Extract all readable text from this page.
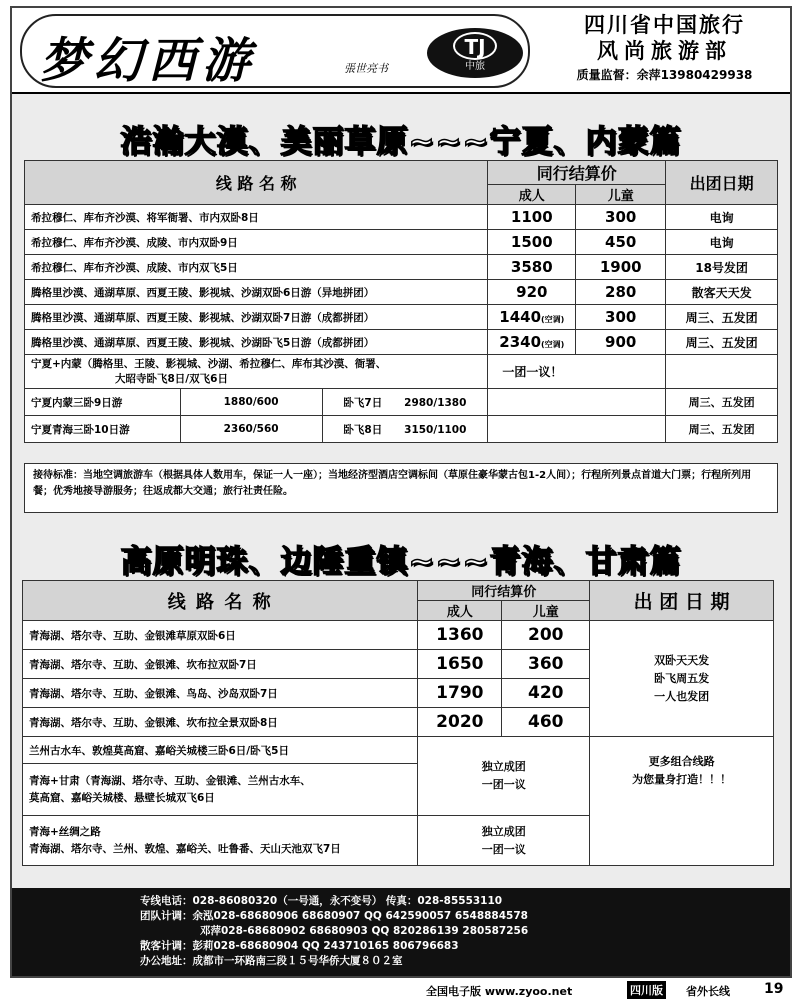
梦幻西游	張世亮书
TJ
中旅
四川省中国旅行
风尚旅游部
质量监督：余萍13980429938
浩瀚大漠、美丽草原~~~宁夏、内蒙篇
线 路 名 称			同行结算价		出团日期
			成人	儿童	
希拉穆仁、库布齐沙漠、将军衙署、市内双卧8日			1100	300	电询
希拉穆仁、库布齐沙漠、成陵、市内双卧9日			1500	450	电询
希拉穆仁、库布齐沙漠、成陵、市内双飞5日			3580	1900	18号发团
腾格里沙漠、通湖草原、西夏王陵、影视城、沙湖双卧6日游（异地拼团）			920	280	散客天天发
腾格里沙漠、通湖草原、西夏王陵、影视城、沙湖双卧7日游（成都拼团）			1440(空调)	300	周三、五发团
腾格里沙漠、通湖草原、西夏王陵、影视城、沙湖卧飞5日游（成都拼团）			2340(空调)	900	周三、五发团
宁夏+内蒙（腾格里、王陵、影视城、沙湖、希拉穆仁、库布其沙漠、衙署、
大昭寺卧飞8日/双飞6日			一团一议！		
宁夏内蒙三卧9日游	1880/600	卧飞7日 2980/1380			周三、五发团
宁夏青海三卧10日游	2360/560	卧飞8日 3150/1100			周三、五发团
接待标准：当地空调旅游车（根据具体人数用车，保证一人一座）；当地经济型酒店空调标间（草原住豪华蒙古包1-2人间）；行程所列景点首道大门票；行程所列用餐；优秀地接导游服务；往返成都大交通；旅行社责任险。
高原明珠、边陲重镇~~~青海、甘肃篇
线 路 名 称	同行结算价		出 团 日 期
	成人	儿童	
青海湖、塔尔寺、互助、金银滩草原双卧6日	1360	200	双卧天天发
卧飞周五发
一人也发团
青海湖、塔尔寺、互助、金银滩、坎布拉双卧7日	1650	360	
青海湖、塔尔寺、互助、金银滩、鸟岛、沙岛双卧7日	1790	420	
青海湖、塔尔寺、互助、金银滩、坎布拉全景双卧8日	2020	460	
兰州古水车、敦煌莫高窟、嘉峪关城楼三卧6日/卧飞5日	独立成团
一团一议		更多组合线路
为您量身打造！！！
青海+甘肃（青海湖、塔尔寺、互助、金银滩、兰州古水车、
莫高窟、嘉峪关城楼、悬壁长城双飞6日			
青海+丝绸之路
青海湖、塔尔寺、兰州、敦煌、嘉峪关、吐鲁番、天山天池双飞7日	独立成团
一团一议		
专线电话：028-86080320（一号通，永不变号） 传真：028-85553110
团队计调：余泓028-68680906 68680907 QQ 642590057 6548884578
邓萍028-68680902 68680903 QQ 820286139 280587256
散客计调：彭莉028-68680904 QQ 243710165 806796683
办公地址：成都市一环路南三段１５号华侨大厦８０２室
全国电子版 www.zyoo.net	四川版 省外长线 19
